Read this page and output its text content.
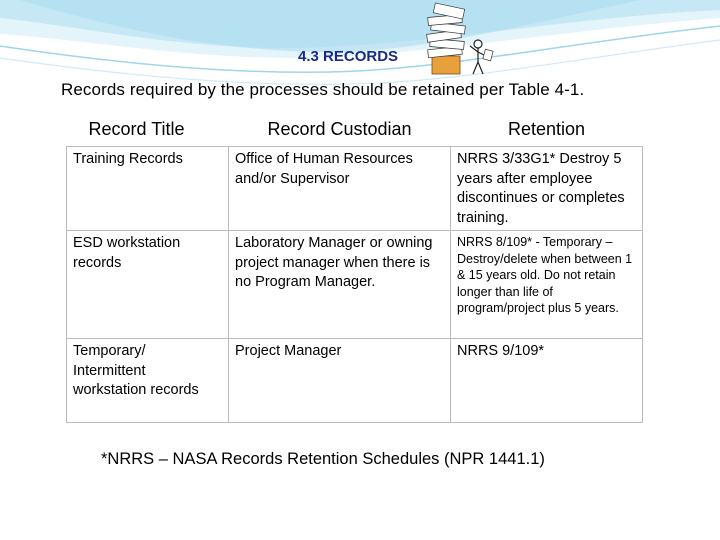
4.3 RECORDS
Records required by the processes should be retained per Table 4-1.
Record Title	Record Custodian	Retention
Training Records	Office of Human Resources and/or Supervisor	NRRS 3/33G1* Destroy 5 years after employee discontinues or completes training.
ESD workstation records	Laboratory Manager or owning project manager when there is no Program Manager.	NRRS 8/109* - Temporary – Destroy/delete when between 1 & 15 years old. Do not retain longer than life of program/project plus 5 years.
Temporary/ Intermittent workstation records	Project Manager	NRRS 9/109*
*NRRS – NASA Records Retention Schedules (NPR 1441.1)
